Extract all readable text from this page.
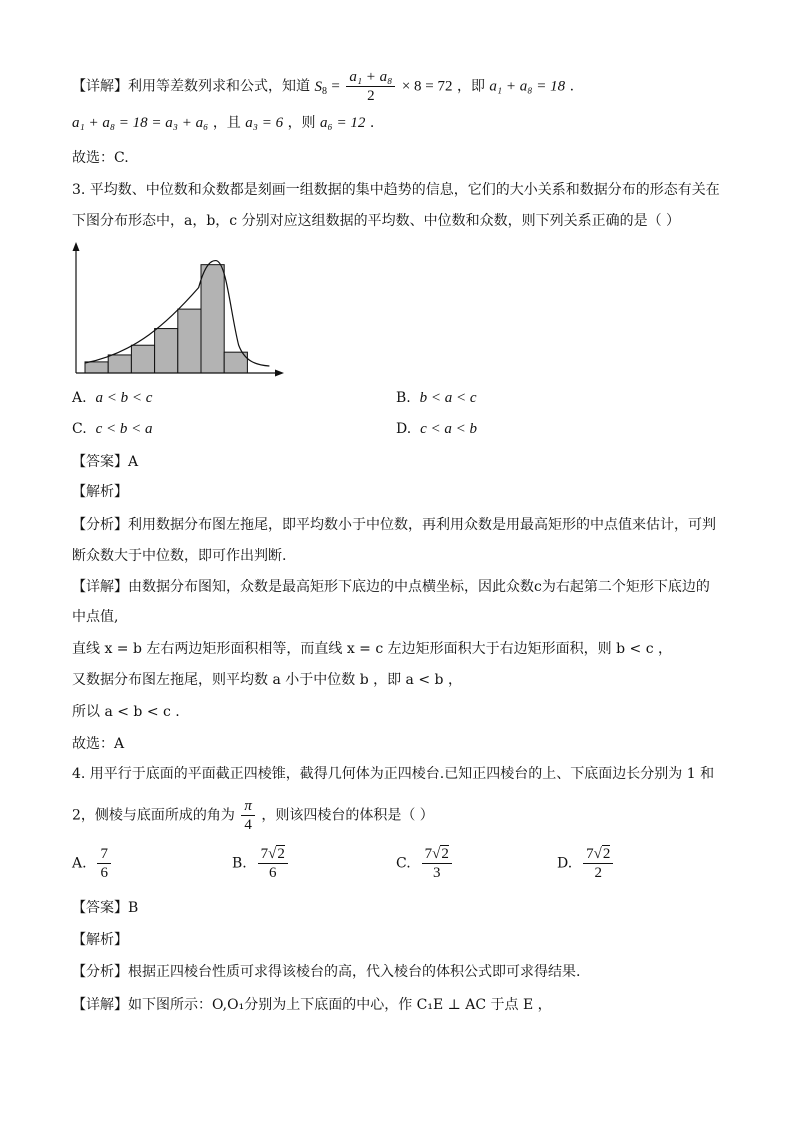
【详解】利用等差数列求和公式，知道 $S_8 = \frac{\text{a₁ + a₈}}{2} \times 8 = 72$ ，即 a₁ + a₈ = 18 .
a₁ + a₈ = 18 = a₃ + a₆ ，且 a₃ = 6 ，则 a₆ = 12 .
故选：C.
3. 平均数、中位数和众数都是刻画一组数据的集中趋势的信息，它们的大小关系和数据分布的形态有关在
下图分布形态中，a，b，c 分别对应这组数据的平均数、中位数和众数，则下列关系正确的是（ ）
A. a < b < c	B. b < a < c
C. c < b < a	D. c < a < b
【答案】A
【解析】
【分析】利用数据分布图左拖尾，即平均数小于中位数，再利用众数是用最高矩形的中点值来估计，可判
断众数大于中位数，即可作出判断.
【详解】由数据分布图知，众数是最高矩形下底边的中点横坐标，因此众数c为右起第二个矩形下底边的
中点值,
直线 x = b 左右两边矩形面积相等，而直线 x = c 左边矩形面积大于右边矩形面积，则 b < c ，
又数据分布图左拖尾，则平均数 a 小于中位数 b ，即 a < b ，
所以 a < b < c .
故选：A
4. 用平行于底面的平面截正四棱锥，截得几何体为正四棱台.已知正四棱台的上、下底面边长分别为 1 和
2，侧棱与底面所成的角为 $\frac{\pi}{4}$ ，则该四棱台的体积是（ ）
A. $\frac{7}{6}$	B. $\frac{7√2}{6}$	C. $\frac{7√2}{3}$	D. $\frac{7√2}{2}$
【答案】B
【解析】
【分析】根据正四棱台性质可求得该棱台的高，代入棱台的体积公式即可求得结果.
【详解】如下图所示：O,O₁分别为上下底面的中心，作 C₁E ⊥ AC 于点 E ，
